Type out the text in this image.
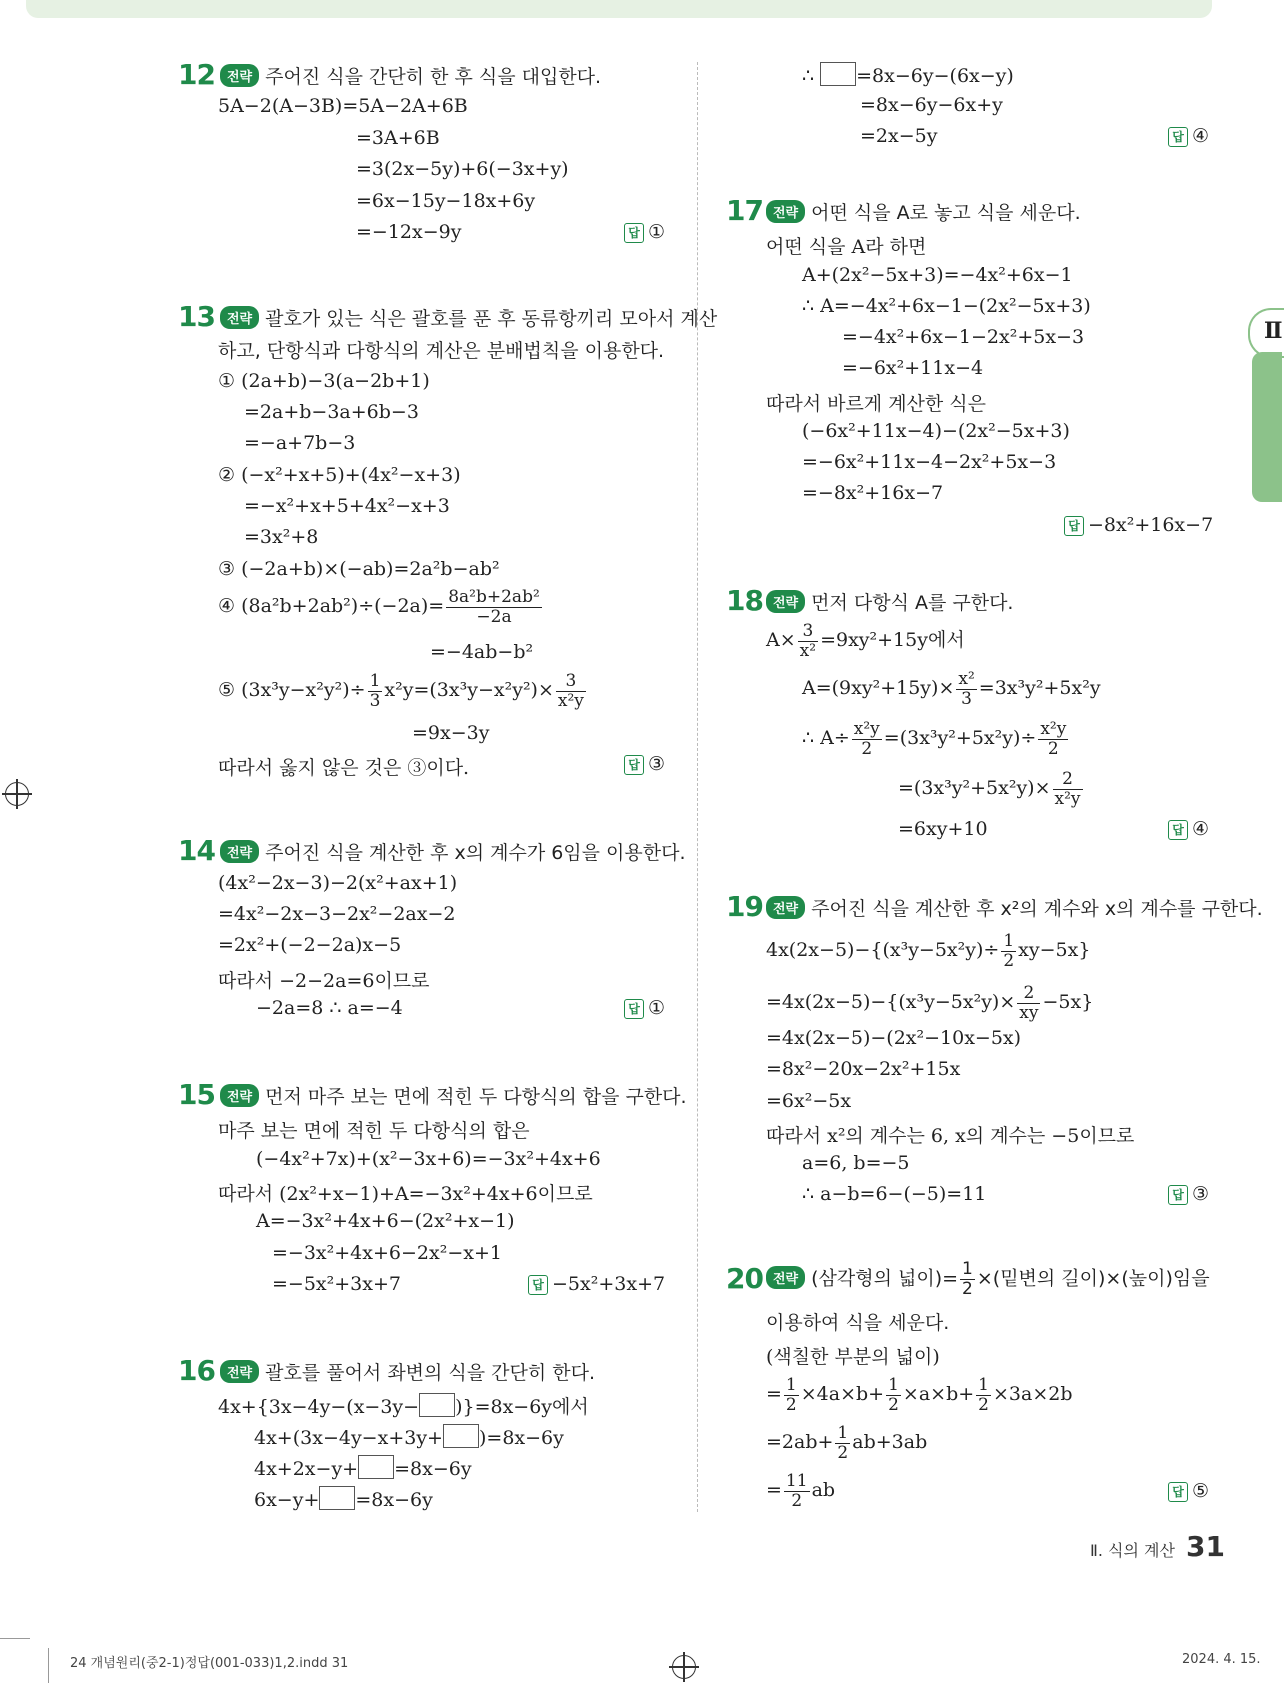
Ⅱ
12 전략 주어진 식을 간단히 한 후 식을 대입한다.
5A−2(A−3B)=5A−2A+6B
=3A+6B
=3(2x−5y)+6(−3x+y)
=6x−15y−18x+6y
=−12x−9y	답 ①
13 전략 괄호가 있는 식은 괄호를 푼 후 동류항끼리 모아서 계산
하고, 단항식과 다항식의 계산은 분배법칙을 이용한다.
① (2a+b)−3(a−2b+1)
=2a+b−3a+6b−3
=−a+7b−3
② (−x²+x+5)+(4x²−x+3)
=−x²+x+5+4x²−x+3
=3x²+8
③ (−2a+b)×(−ab)=2a²b−ab²
④ $(8a^2b+2ab^2)\div(-2a)= \frac{\text{8a²b+2ab²}}{-2a}$
=−4ab−b²
⑤ $(3x^3y-x^2y^2)\div \frac{1}{3} x^2y=(3x^3y-x^2y^2)\times \frac{3}{\text{x²y}}$
=9x−3y
따라서 옳지 않은 것은 ③이다.	답 ③
14 전략 주어진 식을 계산한 후 x의 계수가 6임을 이용한다.
(4x²−2x−3)−2(x²+ax+1)
=4x²−2x−3−2x²−2ax−2
=2x²+(−2−2a)x−5
따라서 −2−2a=6이므로
−2a=8 ∴ a=−4	답 ①
15 전략 먼저 마주 보는 면에 적힌 두 다항식의 합을 구한다.
마주 보는 면에 적힌 두 다항식의 합은
(−4x²+7x)+(x²−3x+6)=−3x²+4x+6
따라서 (2x²+x−1)+A=−3x²+4x+6이므로
A=−3x²+4x+6−(2x²+x−1)
=−3x²+4x+6−2x²−x+1
=−5x²+3x+7	답 −5x²+3x+7
16 전략 괄호를 풀어서 좌변의 식을 간단히 한다.
4x+{3x−4y−(x−3y− )}=8x−6y에서
4x+(3x−4y−x+3y+ )=8x−6y
4x+2x−y+ =8x−6y
6x−y+ =8x−6y
∴ =8x−6y−(6x−y)
=8x−6y−6x+y
=2x−5y	답 ④
17 전략 어떤 식을 A로 놓고 식을 세운다.
어떤 식을 A라 하면
A+(2x²−5x+3)=−4x²+6x−1
∴ A=−4x²+6x−1−(2x²−5x+3)
=−4x²+6x−1−2x²+5x−3
=−6x²+11x−4
따라서 바르게 계산한 식은
(−6x²+11x−4)−(2x²−5x+3)
=−6x²+11x−4−2x²+5x−3
=−8x²+16x−7
답 −8x²+16x−7
18 전략 먼저 다항식 A를 구한다.
$A\times \frac{3}{\text{x²}} =9xy^2+15y$에서
$A=(9xy^2+15y)\times \frac{\text{x²}}{3} =3x^3y^2+5x^2y$
∴ $A\div \frac{\text{x²y}}{2} =(3x^3y^2+5x^2y)\div \frac{\text{x²y}}{2}$
$=(3x^3y^2+5x^2y)\times \frac{2}{\text{x²y}}$
=6xy+10	답 ④
19 전략 주어진 식을 계산한 후 x²의 계수와 x의 계수를 구한다.
$4x(2x-5)-\{(x^3y-5x^2y)\div \frac{1}{2} xy-5x\}$
$=4x(2x-5)-\{(x^3y-5x^2y)\times \frac{2}{xy} -5x\}$
=4x(2x−5)−(2x²−10x−5x)
=8x²−20x−2x²+15x
=6x²−5x
따라서 x²의 계수는 6, x의 계수는 −5이므로
a=6, b=−5
∴ a−b=6−(−5)=11	답 ③
20 전략 (삼각형의 넓이)= $\frac{1}{2}$ ×(밑변의 길이)×(높이)임을
이용하여 식을 세운다.
(색칠한 부분의 넓이)
= $\frac{1}{2} \times 4a\times b+ \frac{1}{2} \times a\times b+ \frac{1}{2} \times 3a\times 2b$
$=2ab+ \frac{1}{2} ab+3ab$
= $\frac{11}{2}$ ab	답 ⑤
Ⅱ. 식의 계산 31
24 개념원리(중2-1)정답(001-033)1,2.indd 31	2024. 4. 15.
